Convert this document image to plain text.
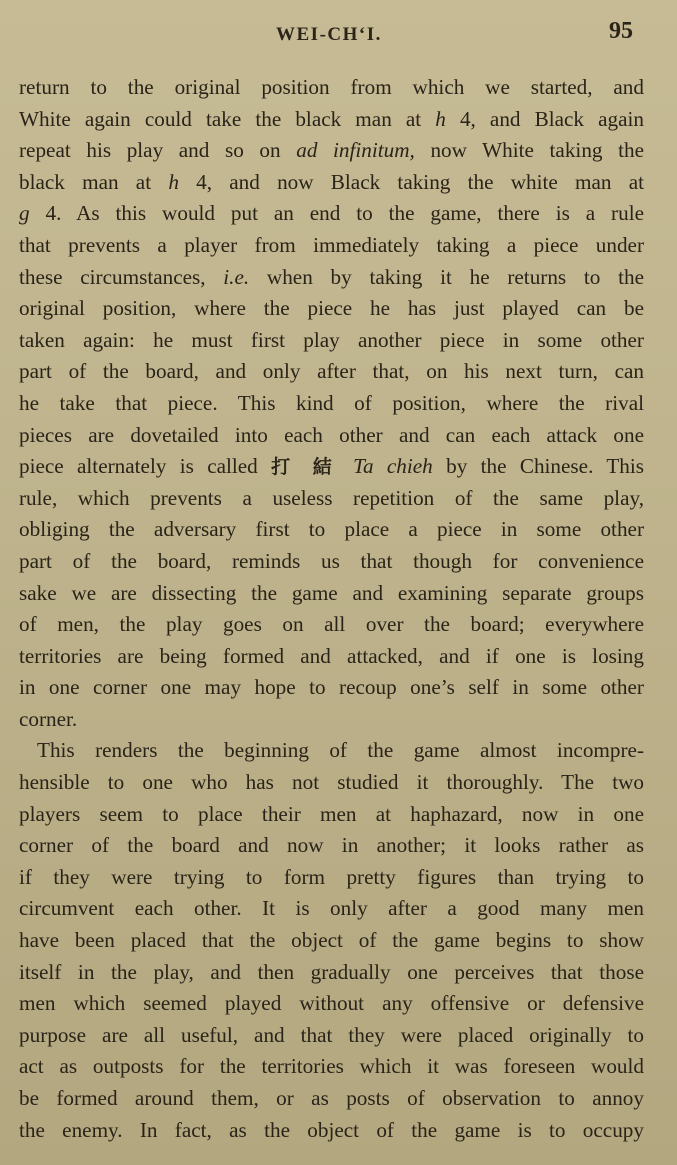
WEI-CHʻI.	95
return to the original position from which we started, and
White again could take the black man at h 4, and Black again
repeat his play and so on ad infinitum, now White taking the
black man at h 4, and now Black taking the white man at
g 4. As this would put an end to the game, there is a rule
that prevents a player from immediately taking a piece under
these circumstances, i.e. when by taking it he returns to the
original position, where the piece he has just played can be
taken again: he must first play another piece in some other
part of the board, and only after that, on his next turn, can
he take that piece. This kind of position, where the rival
pieces are dovetailed into each other and can each attack one
piece alternately is called 打 結 Ta chieh by the Chinese. This
rule, which prevents a useless repetition of the same play,
obliging the adversary first to place a piece in some other
part of the board, reminds us that though for convenience
sake we are dissecting the game and examining separate groups
of men, the play goes on all over the board; everywhere
territories are being formed and attacked, and if one is losing
in one corner one may hope to recoup one’s self in some other
corner.
This renders the beginning of the game almost incompre-
hensible to one who has not studied it thoroughly. The two
players seem to place their men at haphazard, now in one
corner of the board and now in another; it looks rather as
if they were trying to form pretty figures than trying to
circumvent each other. It is only after a good many men
have been placed that the object of the game begins to show
itself in the play, and then gradually one perceives that those
men which seemed played without any offensive or defensive
purpose are all useful, and that they were placed originally to
act as outposts for the territories which it was foreseen would
be formed around them, or as posts of observation to annoy
the enemy. In fact, as the object of the game is to occupy
